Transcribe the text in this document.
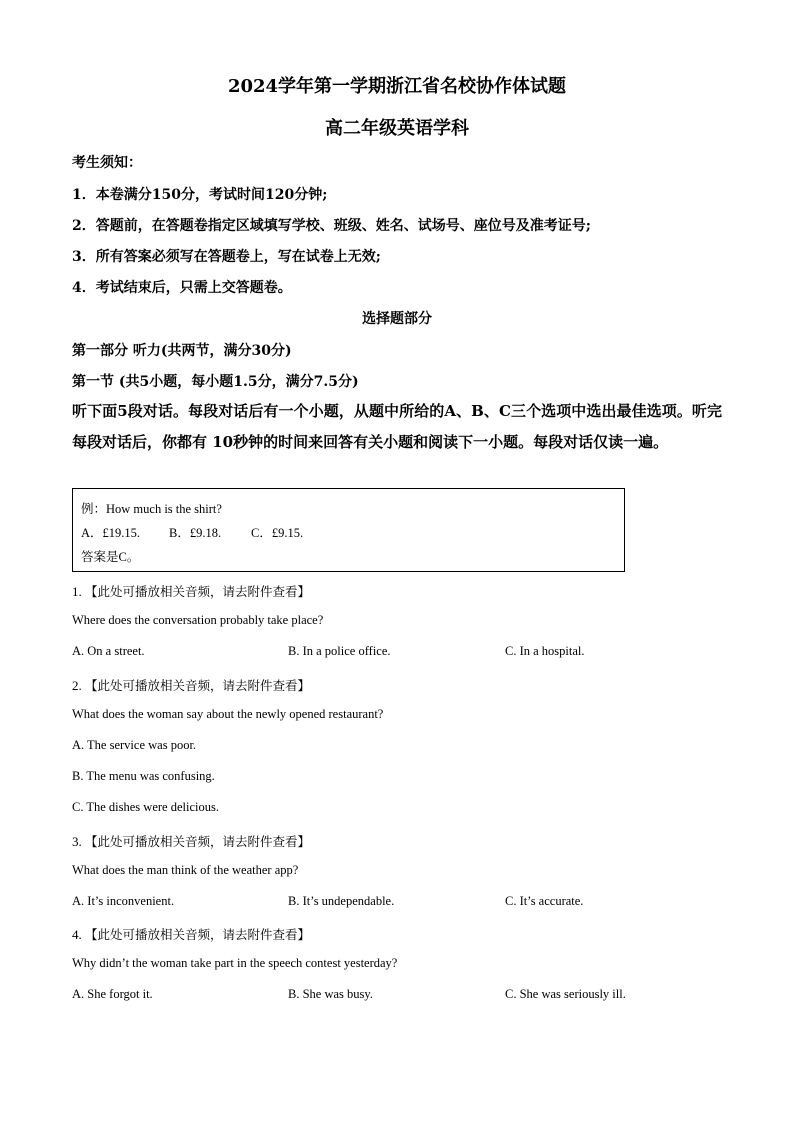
2024学年第一学期浙江省名校协作体试题
高二年级英语学科
考生须知：
1．本卷满分150分，考试时间120分钟;
2．答题前，在答题卷指定区域填写学校、班级、姓名、试场号、座位号及准考证号;
3．所有答案必须写在答题卷上，写在试卷上无效;
4．考试结束后，只需上交答题卷。
选择题部分
第一部分 听力(共两节，满分30分)
第一节 (共5小题，每小题1.5分，满分7.5分)
听下面5段对话。每段对话后有一个小题，从题中所给的A、B、C三个选项中选出最佳选项。听完每段对话后，你都有 10秒钟的时间来回答有关小题和阅读下一小题。每段对话仅读一遍。
例：How much is the shirt?
A．£19.15. B．£9.18. C．£9.15.
答案是C。
1. 【此处可播放相关音频，请去附件查看】
Where does the conversation probably take place?
A. On a street.	B. In a police office.	C. In a hospital.
2. 【此处可播放相关音频，请去附件查看】
What does the woman say about the newly opened restaurant?
A. The service was poor.
B. The menu was confusing.
C. The dishes were delicious.
3. 【此处可播放相关音频，请去附件查看】
What does the man think of the weather app?
A. It’s inconvenient.	B. It’s undependable.	C. It’s accurate.
4. 【此处可播放相关音频，请去附件查看】
Why didn’t the woman take part in the speech contest yesterday?
A. She forgot it.	B. She was busy.	C. She was seriously ill.
